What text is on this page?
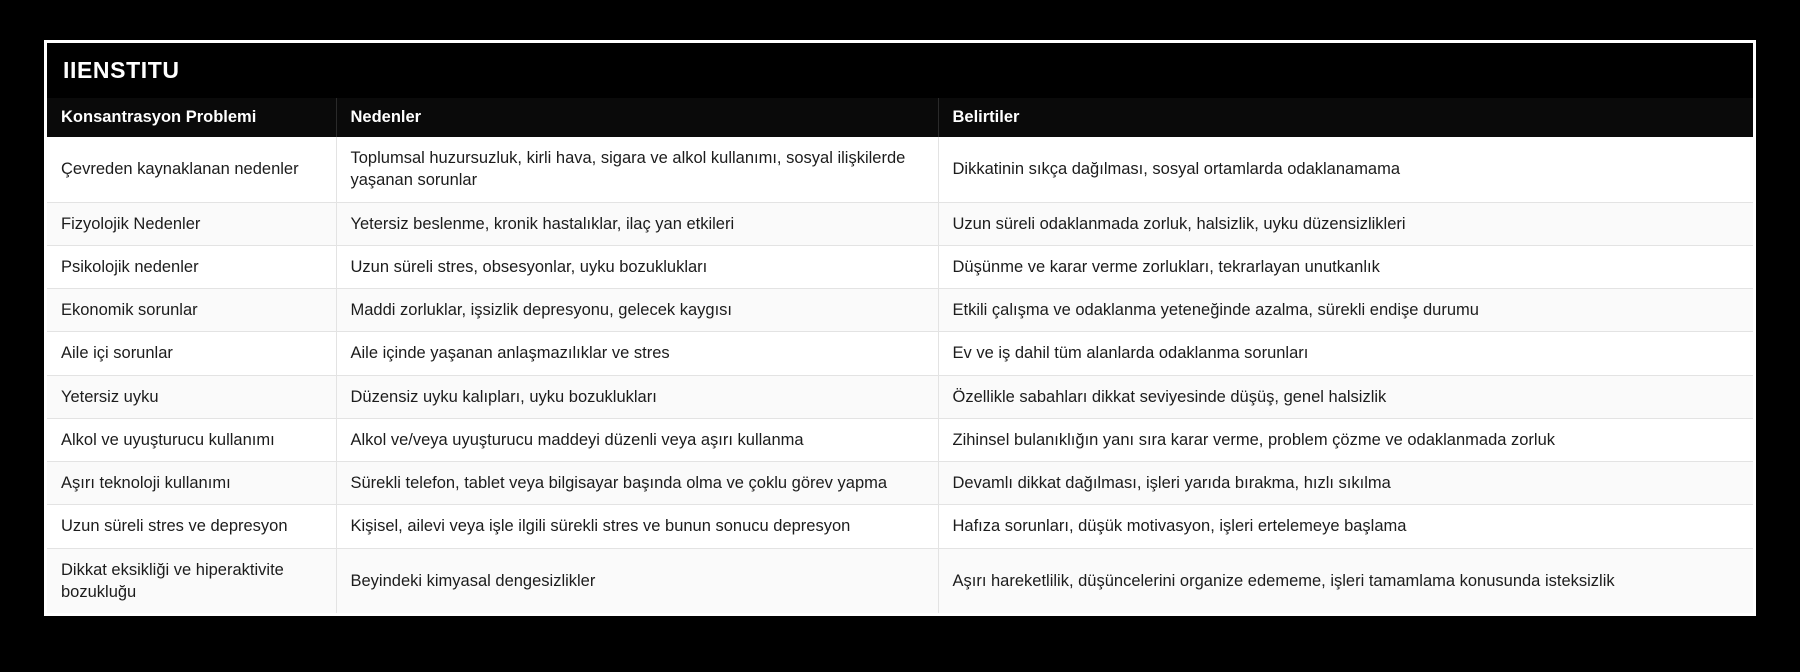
IIENSTITU
Konsantrasyon Problemi	Nedenler	Belirtiler
Çevreden kaynaklanan nedenler	Toplumsal huzursuzluk, kirli hava, sigara ve alkol kullanımı, sosyal ilişkilerde yaşanan sorunlar	Dikkatinin sıkça dağılması, sosyal ortamlarda odaklanamama
Fizyolojik Nedenler	Yetersiz beslenme, kronik hastalıklar, ilaç yan etkileri	Uzun süreli odaklanmada zorluk, halsizlik, uyku düzensizlikleri
Psikolojik nedenler	Uzun süreli stres, obsesyonlar, uyku bozuklukları	Düşünme ve karar verme zorlukları, tekrarlayan unutkanlık
Ekonomik sorunlar	Maddi zorluklar, işsizlik depresyonu, gelecek kaygısı	Etkili çalışma ve odaklanma yeteneğinde azalma, sürekli endişe durumu
Aile içi sorunlar	Aile içinde yaşanan anlaşmazılıklar ve stres	Ev ve iş dahil tüm alanlarda odaklanma sorunları
Yetersiz uyku	Düzensiz uyku kalıpları, uyku bozuklukları	Özellikle sabahları dikkat seviyesinde düşüş, genel halsizlik
Alkol ve uyuşturucu kullanımı	Alkol ve/veya uyuşturucu maddeyi düzenli veya aşırı kullanma	Zihinsel bulanıklığın yanı sıra karar verme, problem çözme ve odaklanmada zorluk
Aşırı teknoloji kullanımı	Sürekli telefon, tablet veya bilgisayar başında olma ve çoklu görev yapma	Devamlı dikkat dağılması, işleri yarıda bırakma, hızlı sıkılma
Uzun süreli stres ve depresyon	Kişisel, ailevi veya işle ilgili sürekli stres ve bunun sonucu depresyon	Hafıza sorunları, düşük motivasyon, işleri ertelemeye başlama
Dikkat eksikliği ve hiperaktivite bozukluğu	Beyindeki kimyasal dengesizlikler	Aşırı hareketlilik, düşüncelerini organize edememe, işleri tamamlama konusunda isteksizlik
